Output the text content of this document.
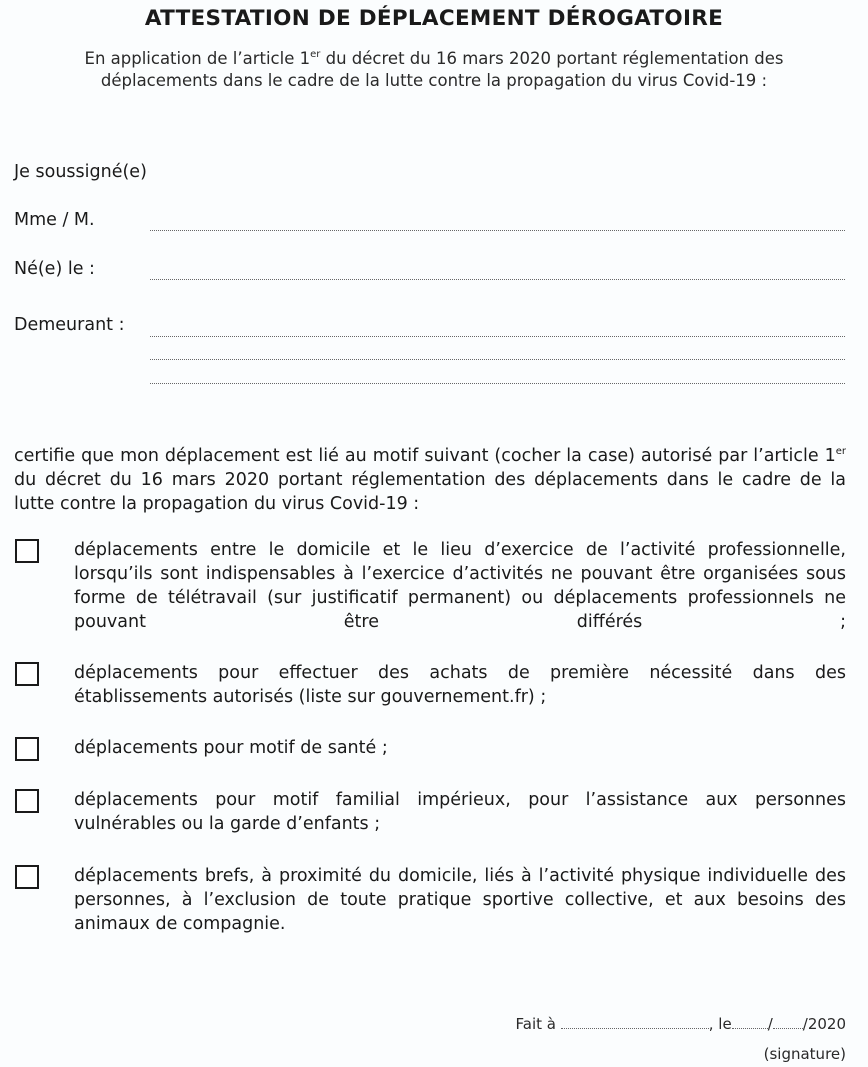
ATTESTATION DE DÉPLACEMENT DÉROGATOIRE
En application de l’article 1er du décret du 16 mars 2020 portant réglementation des
déplacements dans le cadre de la lutte contre la propagation du virus Covid-19 :
Je soussigné(e)
Mme / M.
Né(e) le :
Demeurant :
certifie que mon déplacement est lié au motif suivant (cocher la case) autorisé par l’article 1er du décret du 16 mars 2020 portant réglementation des déplacements dans le cadre de la lutte contre la propagation du virus Covid-19 :
déplacements entre le domicile et le lieu d’exercice de l’activité professionnelle, lorsqu’ils sont indispensables à l’exercice d’activités ne pouvant être organisées sous forme de télétravail (sur justificatif permanent) ou déplacements professionnels ne pouvant être différés ;
déplacements pour effectuer des achats de première nécessité dans des établissements autorisés (liste sur gouvernement.fr) ;
déplacements pour motif de santé ;
déplacements pour motif familial impérieux, pour l’assistance aux personnes vulnérables ou la garde d’enfants ;
déplacements brefs, à proximité du domicile, liés à l’activité physique individuelle des personnes, à l’exclusion de toute pratique sportive collective, et aux besoins des animaux de compagnie.
Fait à	, le / /2020
(signature)
